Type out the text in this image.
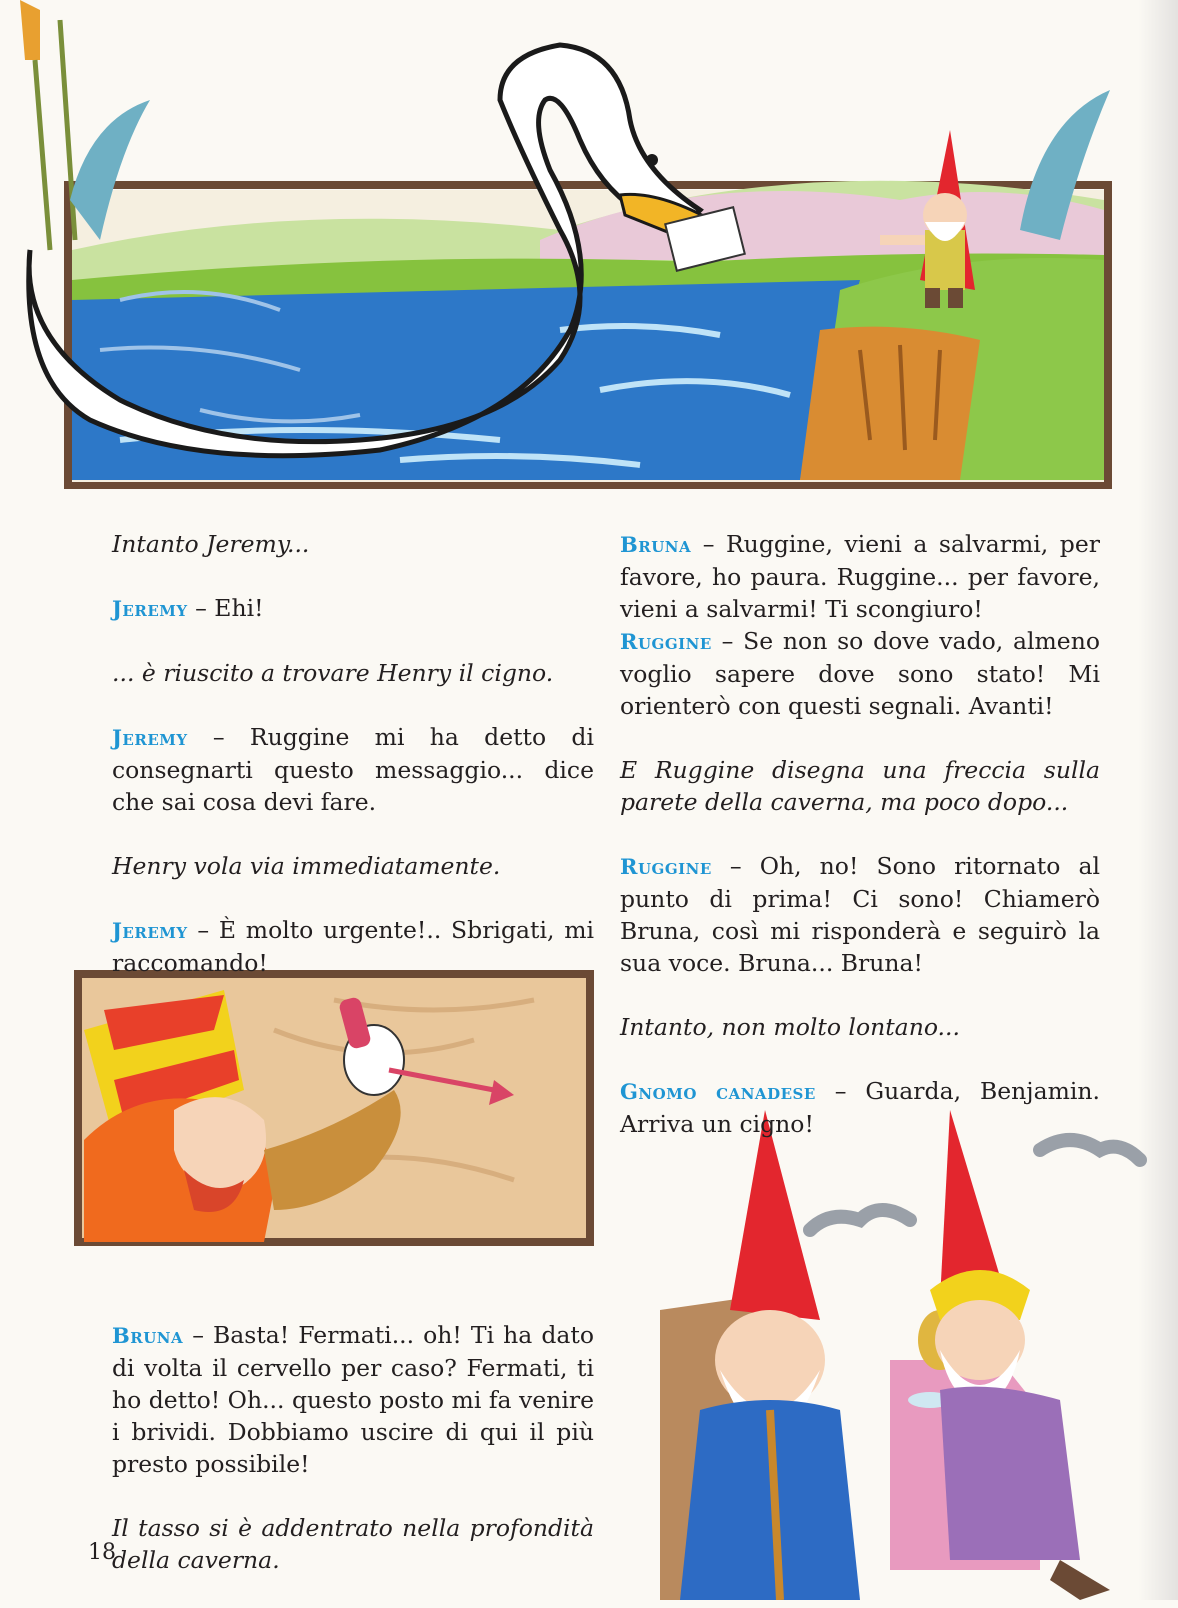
Intanto Jeremy...

Jeremy – Ehi!

... è riuscito a trovare Henry il cigno.

Jeremy – Ruggine mi ha detto di consegnarti questo messaggio... dice che sai cosa devi fare.

Henry vola via immediatamente.

Jeremy – È molto urgente!.. Sbrigati, mi raccomando!

Bruna – Basta! Fermati... oh! Ti ha dato di volta il cervello per caso? Fermati, ti ho detto! Oh... questo posto mi fa venire i brividi. Dobbiamo uscire di qui il più presto possibile!

Il tasso si è addentrato nella profondità della caverna.

Bruna – Ruggine, vieni a salvarmi, per favore, ho paura. Ruggine... per favore, vieni a salvarmi! Ti scongiuro!

Ruggine – Se non so dove vado, almeno voglio sapere dove sono stato! Mi orienterò con questi segnali. Avanti!

E Ruggine disegna una freccia sulla parete della caverna, ma poco dopo...

Ruggine – Oh, no! Sono ritornato al punto di prima! Ci sono! Chiamerò Bruna, così mi risponderà e seguirò la sua voce. Bruna... Bruna!

Intanto, non molto lontano...

Gnomo canadese – Guarda, Benjamin. Arriva un cigno!

18
